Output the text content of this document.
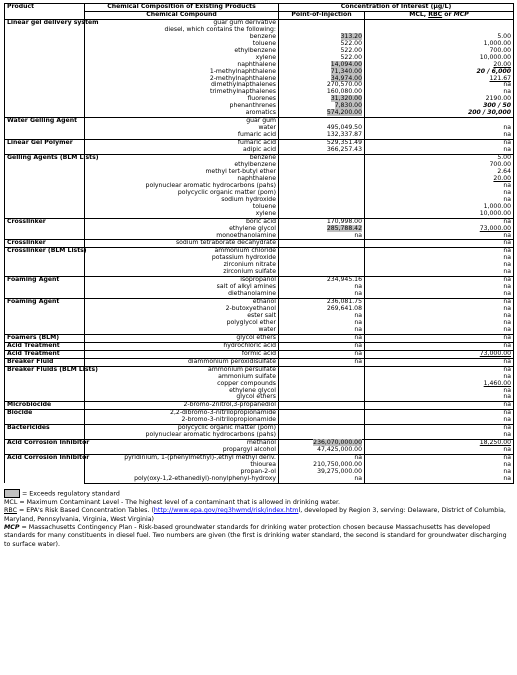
Product	Chemical Composition of Existing Products	Concentration of Interest (µg/L)	
	Chemical Compound	Point-of-Injection	MCL, RBC or MCP
Linear gel delivery system	guar gum derivative		
	diesel, which contains the following:		
	benzene	313.20	5.00
	toluene	522.00	1,000.00
	ethylbenzene	522.00	700.00
	xylene	522.00	10,000.00
	naphthalene	14,094.00	20.00
	1-methylnaphthalene	71,340.00	20 / 6,000
	2-methylnaphthalene	34,974.00	121.67
	dimethylnapthalenes	270,570.00	na
	trimethylnapthalenes	160,080.00	na
	fluorenes	31,320.00	2190.00
	phenanthrenes	7,830.00	300 / 50
	aromatics	574,200.00	200 / 30,000
Water Gelling Agent	guar gum		
	water	495,049.50	na
	fumaric acid	132,337.87	na
Linear Gel Polymer	fumaric acid	529,351.49	na
	adipic acid	366,257.43	na
Gelling Agents (BLM Lists)	benzene		5.00
	ethylbenzene		700.00
	methyl tert-butyl ether		2.64
	naphthalene		20.00
	polynuclear aromatic hydrocarbons (pahs)		na
	polycyclic organic matter (pom)		na
	sodium hydroxide		na
	toluene		1,000.00
	xylene		10,000.00
Crosslinker	boric acid	170,998.00	na
	ethylene glycol	285,788.42	73,000.00
	monoethanolamine	na	na
Crosslinker	sodium tetraborate decahydrate		na
Crosslinker (BLM Lists)	ammonium chloride		na
	potassium hydroxide		na
	zirconium nitrate		na
	zirconium sulfate		na
Foaming Agent	isopropanol	234,945.16	na
	salt of alkyl amines	na	na
	diethanolamine	na	na
Foaming Agent	ethanol	236,081.75	na
	2-butoxyethanol	269,641.08	na
	ester salt	na	na
	polyglycol ether	na	na
	water	na	na
Foamers (BLM)	glycol ethers	na	na
Acid Treatment	hydrochloric acid	na	na
Acid Treatment	formic acid	na	73,000.00
Breaker Fluid	diammonium peroxidisulfate	na	na
Breaker Fluids (BLM Lists)	ammonium persulfate		na
	ammonium sulfate		na
	copper compounds		1,460.00
	ethylene glycol		na
	glycol ethers		na
Microbiocide	2-bromo-2nitrol,3-propanediol		na
Biocide	2,2-dibromo-3-nitrilopropionamide		na
	2-bromo-3-nitrilopropionamide		na
Bactericides	polycyclic organic matter (pom)		na
	polynuclear aromatic hydrocarbons (pahs)		na
Acid Corrosion Inhibitor	methanol	236,070,000.00	18,250.00
	propargyl alcohol	47,425,000.00	na
Acid Corrosion Inhibitor	pyridinium, 1-(phenylmethyl)-,ethyl methyl deriv.	na	na
	thiourea	210,750,000.00	na
	propan-2-ol	39,275,000.00	na
	poly(oxy-1,2-ethanediyl)-nonylphenyl-hydroxy	na	na
= Exceeds regulatory standard
MCL = Maximum Contaminant Level - The highest level of a contaminant that is allowed in drinking water.
RBC = EPA's Risk Based Concentration Tables. (http://www.epa.gov/reg3hwmd/risk/index.html, developed by Region 3, serving: Delaware, District of Columbia, Maryland, Pennsylvania, Virginia, West Virginia)
MCP = Massachusetts Contingency Plan - Risk-based groundwater standards for drinking water protection chosen because Massachusetts has developed standards for many constituents in diesel fuel. Two numbers are given (the first is drinking water standard, the second is standard for groundwater discharging to surface water).
